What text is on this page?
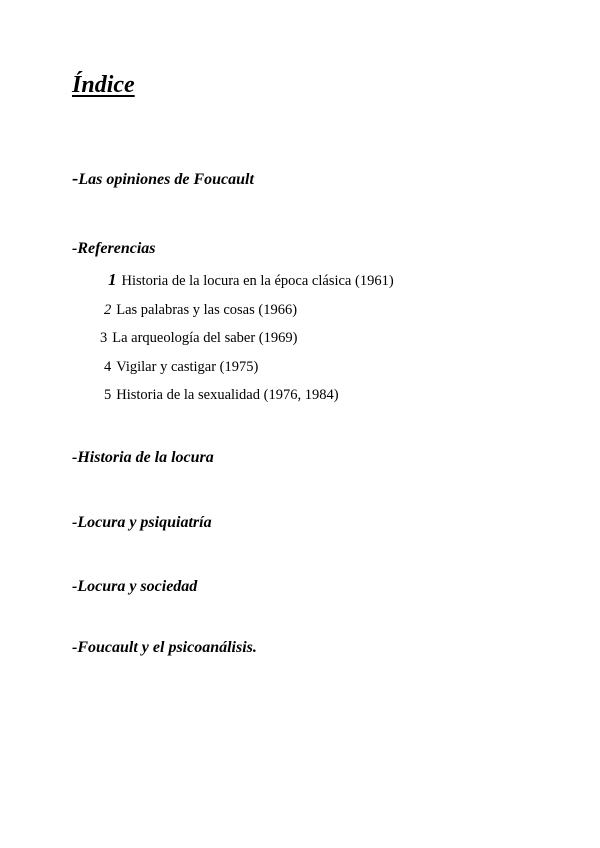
Índice

-Las opiniones de Foucault

-Referencias

1 Historia de la locura en la época clásica (1961)

2 Las palabras y las cosas (1966)

3 La arqueología del saber (1969)

4 Vigilar y castigar (1975)

5 Historia de la sexualidad (1976, 1984)

-Historia de la locura

-Locura y psiquiatría

-Locura y sociedad

-Foucault y el psicoanálisis.
